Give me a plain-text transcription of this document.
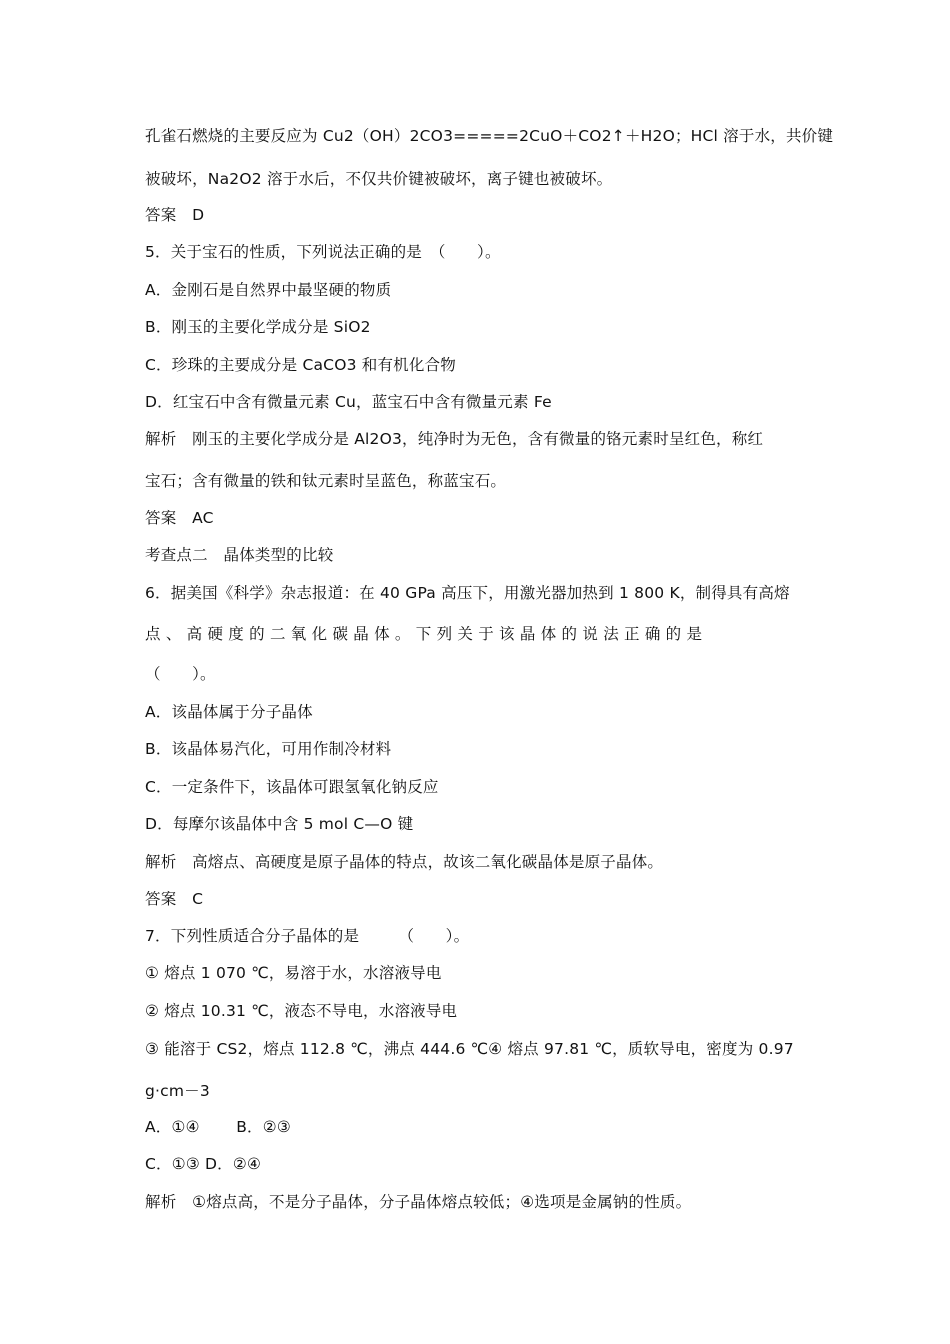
孔雀石燃烧的主要反应为 Cu2（OH）2CO3=====2CuO＋CO2↑＋H2O；HCl 溶于水，共价键
被破坏，Na2O2 溶于水后，不仅共价键被破坏，离子键也被破坏。
答案　D
5．关于宝石的性质，下列说法正确的是　（　　）。
A．金刚石是自然界中最坚硬的物质
B．刚玉的主要化学成分是 SiO2
C．珍珠的主要成分是 CaCO3 和有机化合物
D．红宝石中含有微量元素 Cu，蓝宝石中含有微量元素 Fe
解析　刚玉的主要化学成分是 Al2O3，纯净时为无色，含有微量的铬元素时呈红色，称红
宝石；含有微量的铁和钛元素时呈蓝色，称蓝宝石。
答案　AC
考查点二　晶体类型的比较
6．据美国《科学》杂志报道：在 40 GPa 高压下，用激光器加热到 1 800 K，制得具有高熔
点 、 高 硬 度 的 二 氧 化 碳 晶 体 。 下 列 关 于 该 晶 体 的 说 法 正 确 的 是
（　　）。
A．该晶体属于分子晶体
B．该晶体易汽化，可用作制冷材料
C．一定条件下，该晶体可跟氢氧化钠反应
D．每摩尔该晶体中含 5 mol C—O 键
解析　高熔点、高硬度是原子晶体的特点，故该二氧化碳晶体是原子晶体。
答案　C
7．下列性质适合分子晶体的是　　　（　　）。
① 熔点 1 070 ℃，易溶于水，水溶液导电
② 熔点 10.31 ℃，液态不导电，水溶液导电
③ 能溶于 CS2，熔点 112.8 ℃，沸点 444.6 ℃④ 熔点 97.81 ℃，质软导电，密度为 0.97
g·cm－3
A．①④　　 B．②③
C．①③ D．②④
解析　①熔点高，不是分子晶体，分子晶体熔点较低；④选项是金属钠的性质。
